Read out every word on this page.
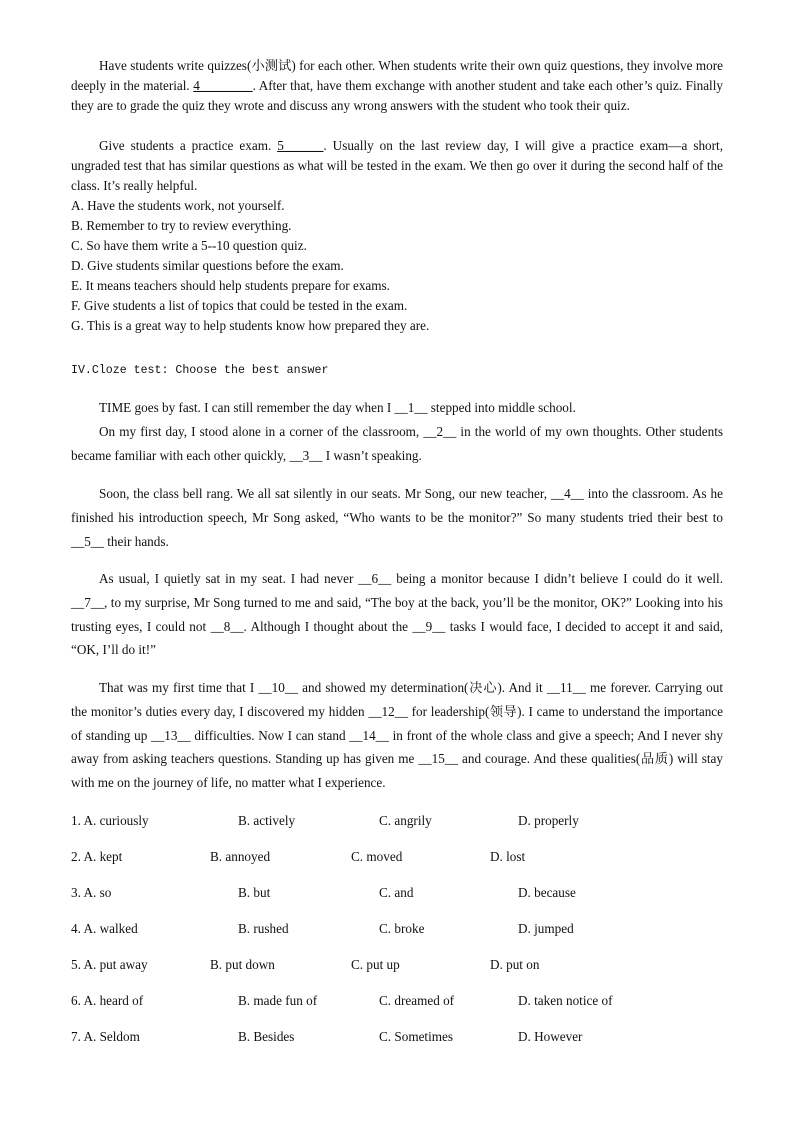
Have students write quizzes(小测试) for each other. When students write their own quiz questions, they involve more deeply in the material. 4________. After that, have them exchange with another student and take each other’s quiz. Finally they are to grade the quiz they wrote and discuss any wrong answers with the student who took their quiz.

Give students a practice exam. 5______. Usually on the last review day, I will give a practice exam—a short, ungraded test that has similar questions as what will be tested in the exam. We then go over it during the second half of the class. It’s really helpful.

A. Have the students work, not yourself.

B. Remember to try to review everything.

C. So have them write a 5--10 question quiz.

D. Give students similar questions before the exam.

E. It means teachers should help students prepare for exams.

F. Give students a list of topics that could be tested in the exam.

G. This is a great way to help students know how prepared they are.

IV.Cloze test: Choose the best answer

TIME goes by fast. I can still remember the day when I __1__ stepped into middle school.

On my first day, I stood alone in a corner of the classroom, __2__ in the world of my own thoughts. Other students became familiar with each other quickly, __3__ I wasn’t speaking.

Soon, the class bell rang. We all sat silently in our seats. Mr Song, our new teacher, __4__ into the classroom. As he finished his introduction speech, Mr Song asked, “Who wants to be the monitor?” So many students tried their best to __5__ their hands.

As usual, I quietly sat in my seat. I had never __6__ being a monitor because I didn’t believe I could do it well. __7__, to my surprise, Mr Song turned to me and said, “The boy at the back, you’ll be the monitor, OK?” Looking into his trusting eyes, I could not __8__. Although I thought about the __9__ tasks I would face, I decided to accept it and said, “OK, I’ll do it!”

That was my first time that I __10__ and showed my determination(决心). And it __11__ me forever. Carrying out the monitor’s duties every day, I discovered my hidden __12__ for leadership(领导). I came to understand the importance of standing up __13__ difficulties. Now I can stand __14__ in front of the whole class and give a speech; And I never shy away from asking teachers questions. Standing up has given me __15__ and courage. And these qualities(品质) will stay with me on the journey of life, no matter what I experience.

1. A. curiously	B. actively	C. angrily	D. properly
2. A. kept	B. annoyed	C. moved	D. lost
3. A. so	B. but	C. and	D. because
4. A. walked	B. rushed	C. broke	D. jumped
5. A. put away	B. put down	C. put up	D. put on
6. A. heard of	B. made fun of	C. dreamed of	D. taken notice of
7. A. Seldom	B. Besides	C. Sometimes	D. However
